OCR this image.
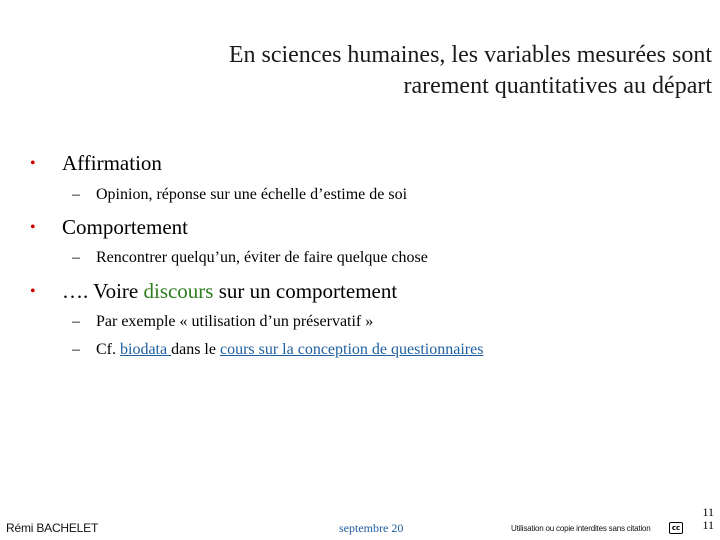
En sciences humaines, les variables mesurées sont
rarement quantitatives au départ
• Affirmation
– Opinion, réponse sur une échelle d’estime de soi
• Comportement
– Rencontrer quelqu’un, éviter de faire quelque chose
• …. Voire discours sur un comportement
– Par exemple « utilisation d’un préservatif »
– Cf. biodata dans le cours sur la conception de questionnaires
Rémi BACHELET	septembre 20	Utilisation ou copie interdites sans citation	cc
11
11
